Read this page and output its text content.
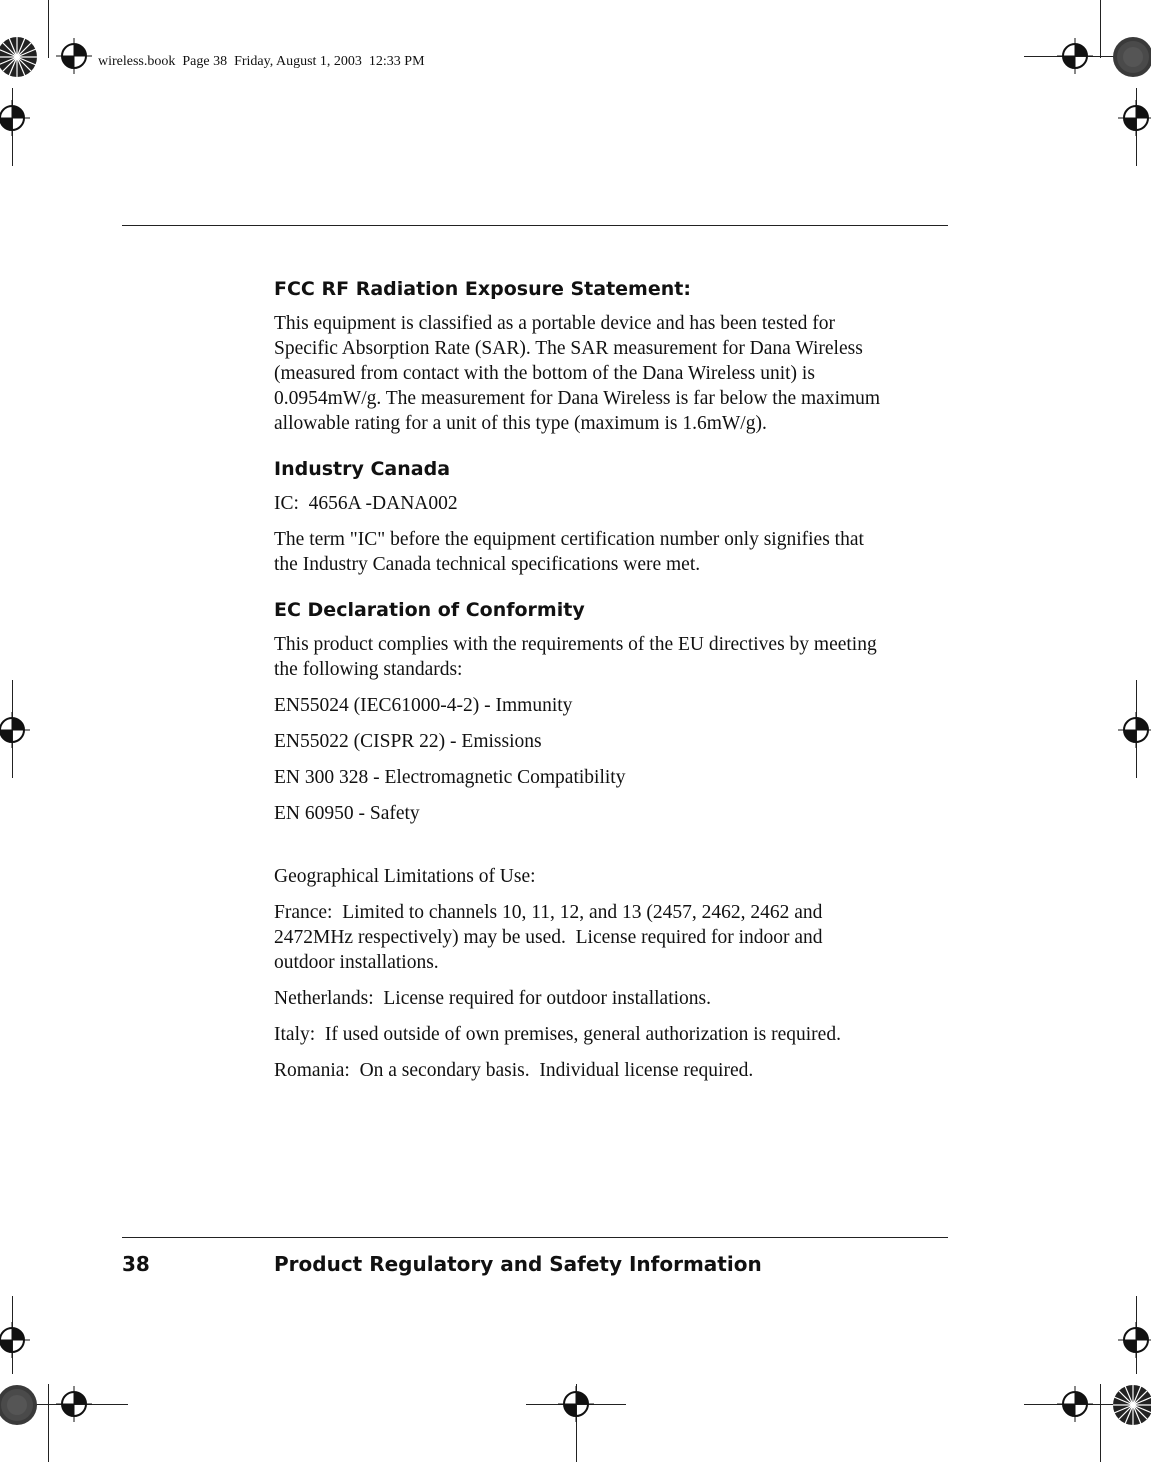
wireless.book  Page 38  Friday, August 1, 2003  12:33 PM
FCC RF Radiation Exposure Statement:

This equipment is classified as a portable device and has been tested for Specific Absorption Rate (SAR). The SAR measurement for Dana Wireless (measured from contact with the bottom of the Dana Wireless unit) is 0.0954mW/g. The measurement for Dana Wireless is far below the maximum allowable rating for a unit of this type (maximum is 1.6mW/g).

Industry Canada

IC:  4656A -DANA002

The term "IC" before the equipment certification number only signifies that the Industry Canada technical specifications were met.

EC Declaration of Conformity

This product complies with the requirements of the EU directives by meeting the following standards:

EN55024 (IEC61000-4-2) - Immunity

EN55022 (CISPR 22) - Emissions

EN 300 328 - Electromagnetic Compatibility

EN 60950 - Safety

Geographical Limitations of Use:

France:  Limited to channels 10, 11, 12, and 13 (2457, 2462, 2462 and 2472MHz respectively) may be used.  License required for indoor and outdoor installations.

Netherlands:  License required for outdoor installations.

Italy:  If used outside of own premises, general authorization is required.

Romania:  On a secondary basis.  Individual license required.

38	Product Regulatory and Safety Information
